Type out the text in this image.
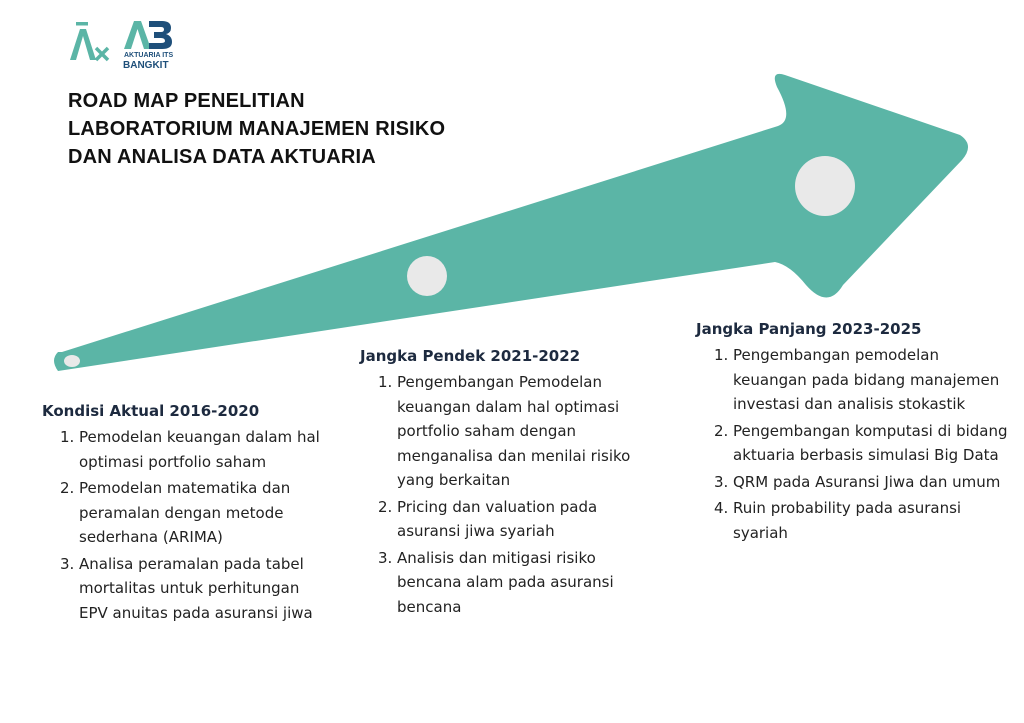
AKTUARIA ITS
BANGKIT
ROAD MAP PENELITIAN
LABORATORIUM MANAJEMEN RISIKO
DAN ANALISA DATA AKTUARIA
Kondisi Aktual 2016-2020
1. Pemodelan keuangan dalam hal optimasi portfolio saham
2. Pemodelan matematika dan peramalan dengan metode sederhana (ARIMA)
3. Analisa peramalan pada tabel mortalitas untuk perhitungan EPV anuitas pada asuransi jiwa
Jangka Pendek 2021-2022
1. Pengembangan Pemodelan keuangan dalam hal optimasi portfolio saham dengan menganalisa dan menilai risiko yang berkaitan
2. Pricing dan valuation pada asuransi jiwa syariah
3. Analisis dan mitigasi risiko bencana alam pada asuransi bencana
Jangka Panjang 2023-2025
1. Pengembangan pemodelan keuangan pada bidang manajemen investasi dan analisis stokastik
2. Pengembangan komputasi di bidang aktuaria berbasis simulasi Big Data
3. QRM pada Asuransi Jiwa dan umum
4. Ruin probability pada asuransi syariah
